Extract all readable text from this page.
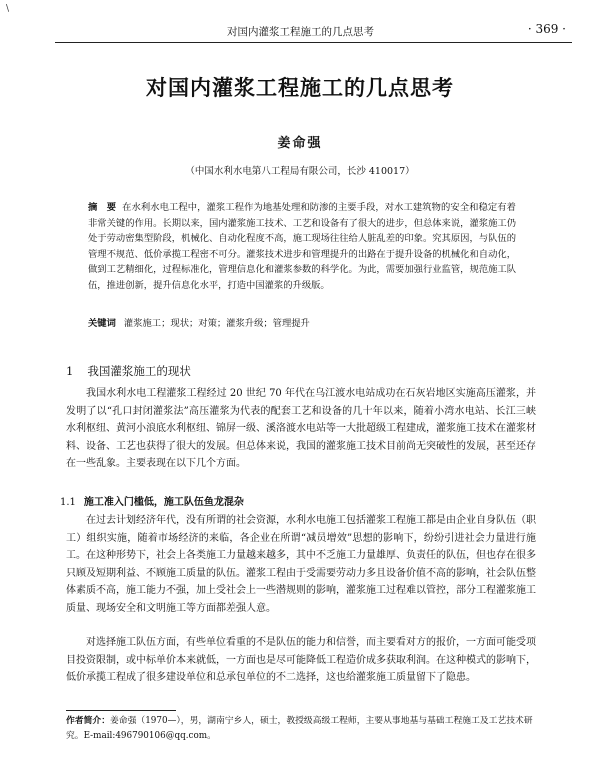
\
对国内灌浆工程施工的几点思考	· 369 ·
对国内灌浆工程施工的几点思考
姜命强
（中国水利水电第八工程局有限公司，长沙 410017）
摘　要 在水利水电工程中，灌浆工程作为地基处理和防渗的主要手段，对水工建筑物的安全和稳定有着非常关键的作用。长期以来，国内灌浆施工技术、工艺和设备有了很大的进步，但总体来说，灌浆施工仍处于劳动密集型阶段，机械化、自动化程度不高，施工现场往往给人脏乱差的印象。究其原因，与队伍的管理不规范、低价承揽工程密不可分。灌浆技术进步和管理提升的出路在于提升设备的机械化和自动化，做到工艺精细化，过程标准化，管理信息化和灌浆参数的科学化。为此，需要加强行业监管，规范施工队伍，推进创新，提升信息化水平，打造中国灌浆的升级版。
关键词 灌浆施工；现状；对策；灌浆升级；管理提升
1 我国灌浆施工的现状
我国水利水电工程灌浆工程经过 20 世纪 70 年代在乌江渡水电站成功在石灰岩地区实施高压灌浆，并发明了以“孔口封闭灌浆法”高压灌浆为代表的配套工艺和设备的几十年以来，随着小湾水电站、长江三峡水利枢纽、黄河小浪底水利枢纽、锦屏一级、溪洛渡水电站等一大批超级工程建成，灌浆施工技术在灌浆材料、设备、工艺也获得了很大的发展。但总体来说，我国的灌浆施工技术目前尚无突破性的发展，甚至还存在一些乱象。主要表现在以下几个方面。
1.1 施工准入门槛低，施工队伍鱼龙混杂
在过去计划经济年代，没有所谓的社会资源，水利水电施工包括灌浆工程施工都是由企业自身队伍（职工）组织实施，随着市场经济的来临，各企业在所谓“减员增效”思想的影响下，纷纷引进社会力量进行施工。在这种形势下，社会上各类施工力量越来越多，其中不乏施工力量雄厚、负责任的队伍，但也存在很多只顾及短期利益、不顾施工质量的队伍。灌浆工程由于受需要劳动力多且设备价值不高的影响，社会队伍整体素质不高，施工能力不强，加上受社会上一些潜规则的影响，灌浆施工过程难以管控，部分工程灌浆施工质量、现场安全和文明施工等方面都差强人意。
对选择施工队伍方面，有些单位看重的不是队伍的能力和信誉，而主要看对方的报价，一方面可能受项目投资限制，或中标单价本来就低，一方面也是尽可能降低工程造价成多获取利润。在这种模式的影响下，低价承揽工程成了很多建设单位和总承包单位的不二选择，这也给灌浆施工质量留下了隐患。
作者简介：姜命强（1970—），男，湖南宁乡人，硕士，教授级高级工程师，主要从事地基与基础工程施工及工艺技术研究。E-mail:496790106@qq.com。
